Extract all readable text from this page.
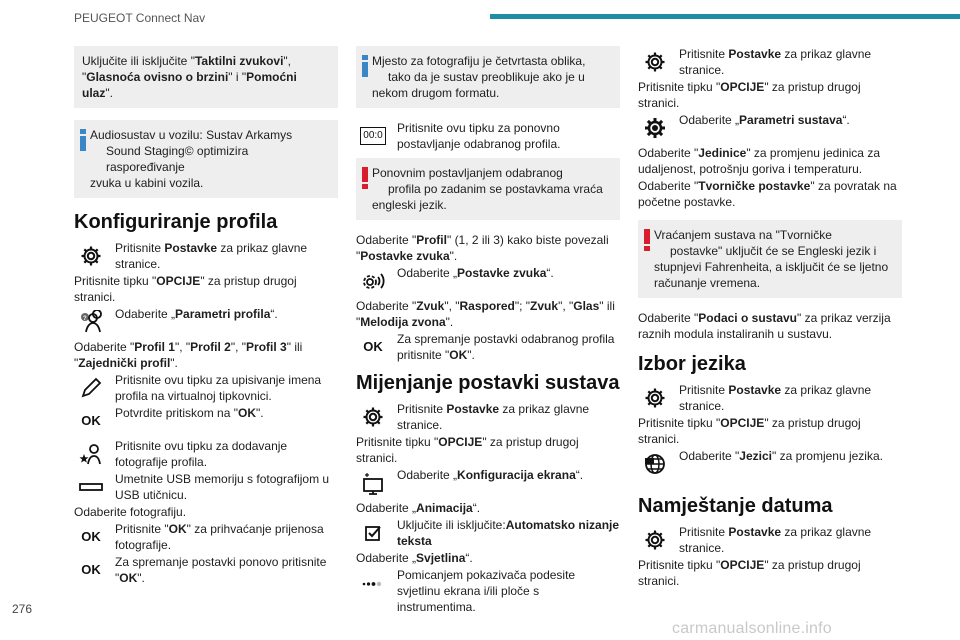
PEUGEOT Connect Nav
276
carmanualsonline.info
Uključite ili isključite "Taktilni zvukovi", "Glasnoća ovisno o brzini" i "Pomoćni ulaz".
Audiosustav u vozilu: Sustav Arkamys
Sound Staging© optimizira raspoređivanje
zvuka u kabini vozila.
Konfiguriranje profila
Pritisnite Postavke za prikaz glavne stranice.

Pritisnite tipku "OPCIJE" za pristup drugoj stranici.

? Odaberite „Parametri profila“.

Odaberite "Profil 1", "Profil 2", "Profil 3" ili "Zajednički profil".

Pritisnite ovu tipku za upisivanje imena profila na virtualnoj tipkovnici.
OK	Potvrdite pritiskom na "OK".
Pritisnite ovu tipku za dodavanje fotografije profila.
Umetnite USB memoriju s fotografijom u USB utičnicu.

Odaberite fotografiju.

OK	Pritisnite "OK" za prihvaćanje prijenosa fotografije.
OK	Za spremanje postavki ponovo pritisnite "OK".
Mjesto za fotografiju je četvrtasta oblika,
tako da je sustav preoblikuje ako je u
nekom drugom formatu.
00:0
Pritisnite ovu tipku za ponovno postavljanje odabranog profila.
Ponovnim postavljanjem odabranog
profila po zadanim se postavkama vraća
engleski jezik.

Odaberite "Profil" (1, 2 ili 3) kako biste povezali "Postavke zvuka".

Odaberite „Postavke zvuka“.

Odaberite "Zvuk", "Raspored"; "Zvuk", "Glas" ili "Melodija zvona".

OK	Za spremanje postavki odabranog profila pritisnite "OK".
Mijenjanje postavki sustava
Pritisnite Postavke za prikaz glavne stranice.

Pritisnite tipku "OPCIJE" za pristup drugoj stranici.

Odaberite „Konfiguracija ekrana“.

Odaberite „Animacija“.

Uključite ili isključite:Automatsko nizanje teksta

Odaberite „Svjetlina“.

Pomicanjem pokazivača podesite svjetlinu ekrana i/ili ploče s instrumentima.
Pritisnite Postavke za prikaz glavne stranice.

Pritisnite tipku "OPCIJE" za pristup drugoj stranici.

Odaberite „Parametri sustava“.

Odaberite "Jedinice" za promjenu jedinica za udaljenost, potrošnju goriva i temperaturu.

Odaberite "Tvorničke postavke" za povratak na početne postavke.

Vraćanjem sustava na "Tvorničke
postavke" uključit će se Engleski jezik i
stupnjevi Fahrenheita, a isključit će se ljetno računanje vremena.

Odaberite "Podaci o sustavu" za prikaz verzija raznih modula instaliranih u sustavu.

Izbor jezika
Pritisnite Postavke za prikaz glavne stranice.

Pritisnite tipku "OPCIJE" za pristup drugoj stranici.

Odaberite "Jezici" za promjenu jezika.
Namještanje datuma
Pritisnite Postavke za prikaz glavne stranice.

Pritisnite tipku "OPCIJE" za pristup drugoj stranici.
